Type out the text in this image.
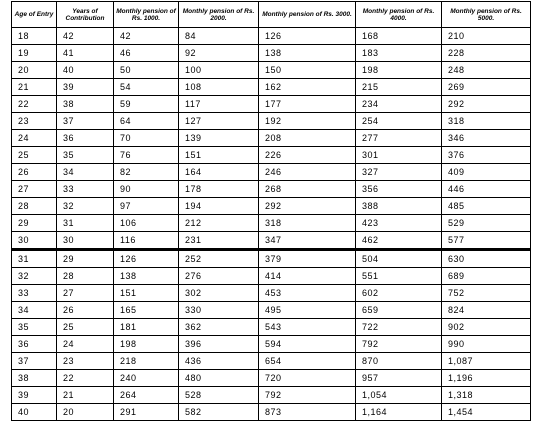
Age of Entry	Years of Contribution	Monthly pension of Rs. 1000.	Monthly pension of Rs. 2000.	Monthly pension of Rs. 3000.	Monthly pension of Rs. 4000.	Monthly pension of Rs. 5000.
18	42	42	84	126	168	210
19	41	46	92	138	183	228
20	40	50	100	150	198	248
21	39	54	108	162	215	269
22	38	59	117	177	234	292
23	37	64	127	192	254	318
24	36	70	139	208	277	346
25	35	76	151	226	301	376
26	34	82	164	246	327	409
27	33	90	178	268	356	446
28	32	97	194	292	388	485
29	31	106	212	318	423	529
30	30	116	231	347	462	577
31	29	126	252	379	504	630
32	28	138	276	414	551	689
33	27	151	302	453	602	752
34	26	165	330	495	659	824
35	25	181	362	543	722	902
36	24	198	396	594	792	990
37	23	218	436	654	870	1,087
38	22	240	480	720	957	1,196
39	21	264	528	792	1,054	1,318
40	20	291	582	873	1,164	1,454
